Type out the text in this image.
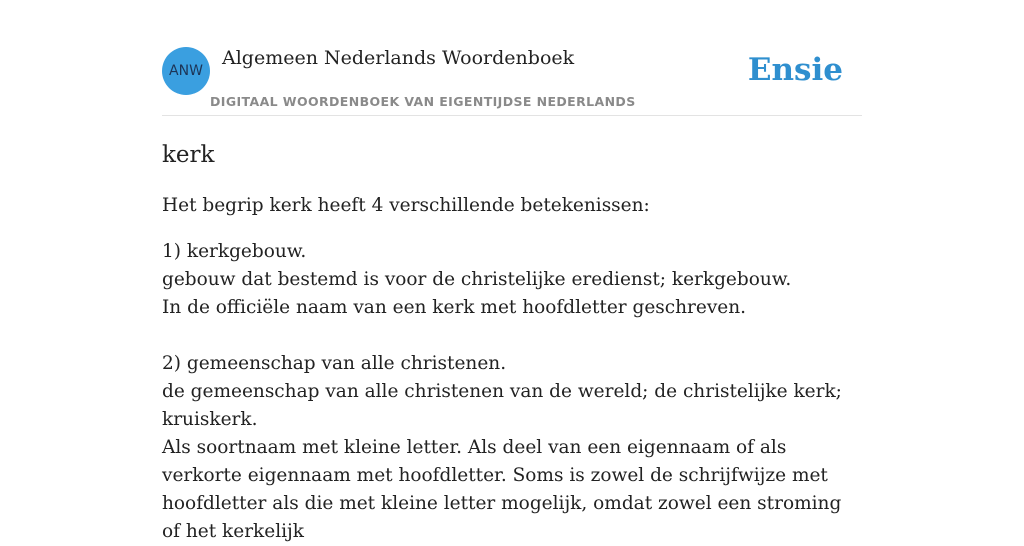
ANW
Algemeen Nederlands Woordenboek
DIGITAAL WOORDENBOEK VAN EIGENTIJDSE NEDERLANDS
Ensie
kerk

Het begrip kerk heeft 4 verschillende betekenissen:

1) kerkgebouw.
gebouw dat bestemd is voor de christelijke eredienst; kerkgebouw.
In de officiële naam van een kerk met hoofdletter geschreven.
2) gemeenschap van alle christenen.
de gemeenschap van alle christenen van de wereld; de christelijke kerk; kruiskerk.
Als soortnaam met kleine letter. Als deel van een eigennaam of als verkorte eigennaam met hoofdletter. Soms is zowel de schrijfwijze met hoofdletter als die met kleine letter mogelijk, omdat zowel een stroming of het kerkelijk
